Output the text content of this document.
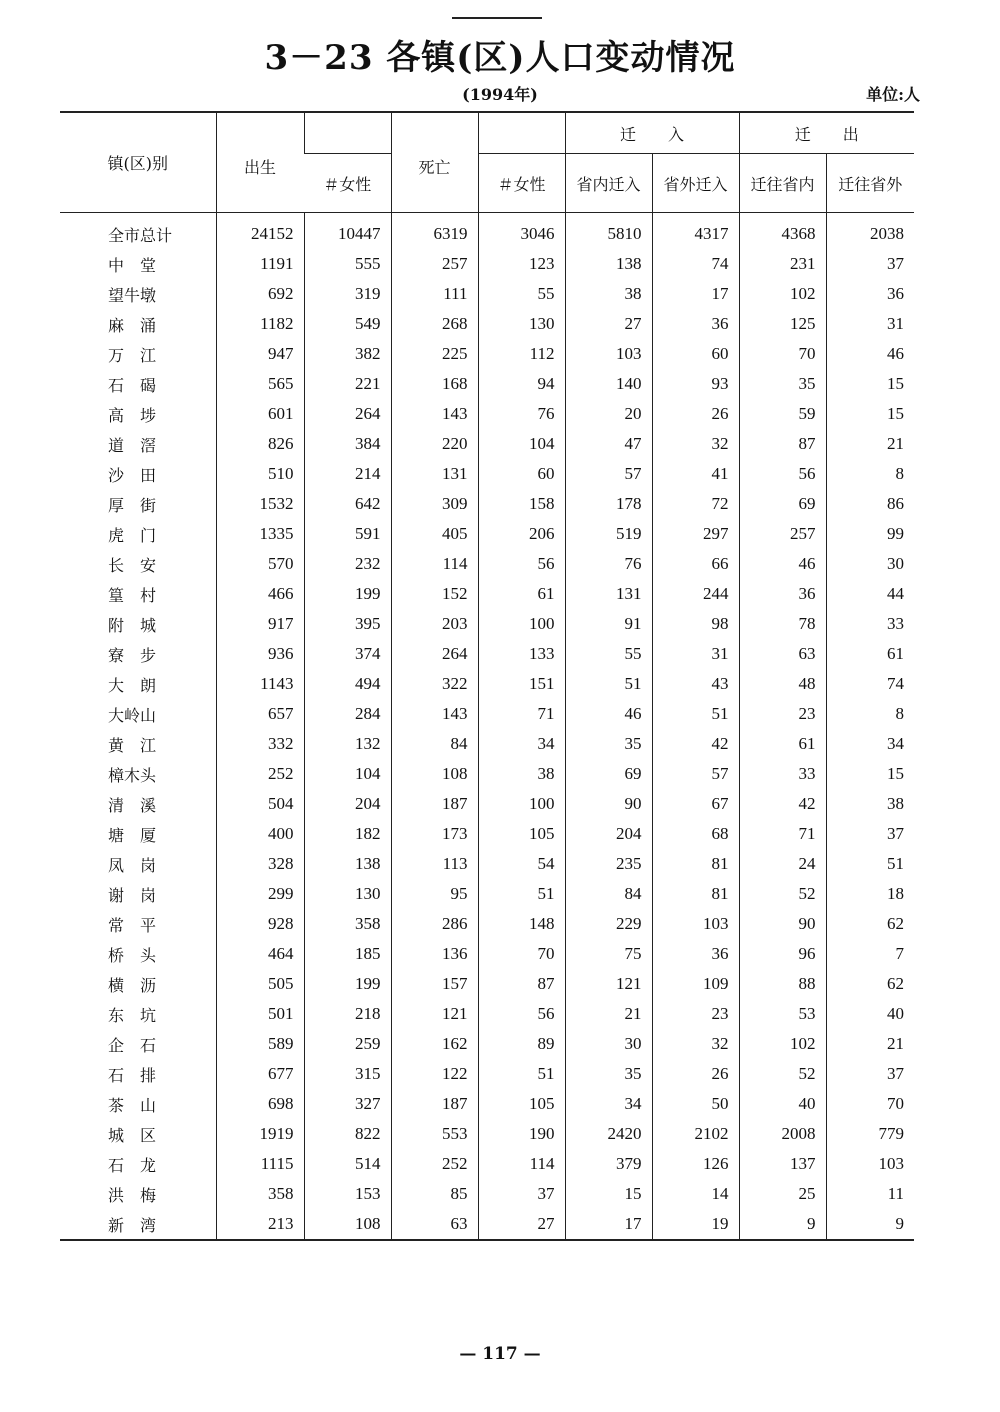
3－23 各镇(区)人口变动情况
(1994年)	单位:人
镇(区)别	出生		死亡		迁　　入		迁　　出	
		＃女性		＃女性	省内迁入	省外迁入	迁往省内	迁往省外
全市总计	24152	10447	6319	3046	5810	4317	4368	2038
中　堂	1191	555	257	123	138	74	231	37
望牛墩	692	319	111	55	38	17	102	36
麻　涌	1182	549	268	130	27	36	125	31
万　江	947	382	225	112	103	60	70	46
石　碣	565	221	168	94	140	93	35	15
高　埗	601	264	143	76	20	26	59	15
道　滘	826	384	220	104	47	32	87	21
沙　田	510	214	131	60	57	41	56	8
厚　街	1532	642	309	158	178	72	69	86
虎　门	1335	591	405	206	519	297	257	99
长　安	570	232	114	56	76	66	46	30
篁　村	466	199	152	61	131	244	36	44
附　城	917	395	203	100	91	98	78	33
寮　步	936	374	264	133	55	31	63	61
大　朗	1143	494	322	151	51	43	48	74
大岭山	657	284	143	71	46	51	23	8
黄　江	332	132	84	34	35	42	61	34
樟木头	252	104	108	38	69	57	33	15
清　溪	504	204	187	100	90	67	42	38
塘　厦	400	182	173	105	204	68	71	37
凤　岗	328	138	113	54	235	81	24	51
谢　岗	299	130	95	51	84	81	52	18
常　平	928	358	286	148	229	103	90	62
桥　头	464	185	136	70	75	36	96	7
横　沥	505	199	157	87	121	109	88	62
东　坑	501	218	121	56	21	23	53	40
企　石	589	259	162	89	30	32	102	21
石　排	677	315	122	51	35	26	52	37
茶　山	698	327	187	105	34	50	40	70
城　区	1919	822	553	190	2420	2102	2008	779
石　龙	1115	514	252	114	379	126	137	103
洪　梅	358	153	85	37	15	14	25	11
新　湾	213	108	63	27	17	19	9	9
— 117 —
